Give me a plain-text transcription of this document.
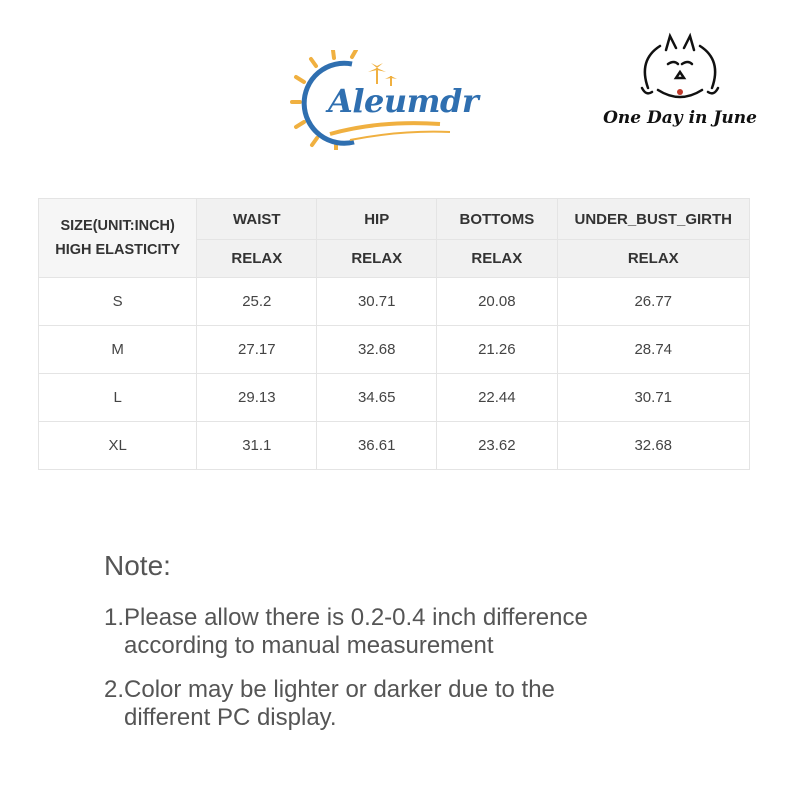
Aleumdr	One Day in June
SIZE(UNIT:INCH)
HIGH ELASTICITY	WAIST	HIP	BOTTOMS	UNDER_BUST_GIRTH
	RELAX	RELAX	RELAX	RELAX
S	25.2	30.71	20.08	26.77
M	27.17	32.68	21.26	28.74
L	29.13	34.65	22.44	30.71
XL	31.1	36.61	23.62	32.68
Note:
1.Please allow there is 0.2-0.4 inch difference
according to manual measurement
2.Color may be lighter or darker due to the
different PC display.
